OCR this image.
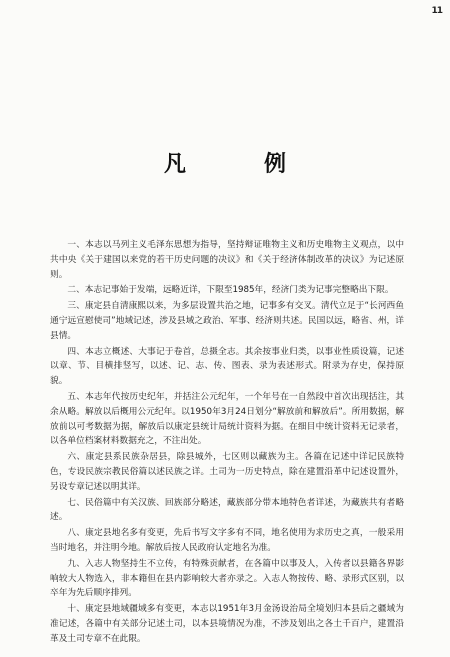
11
凡　例

一、本志以马列主义毛泽东思想为指导，坚持辩证唯物主义和历史唯物主义观点，以中共中央《关于建国以来党的若干历史问题的决议》和《关于经济体制改革的决议》为记述原则。

二、本志记事始于发端，远略近详，下限至1985年，经济门类为记事完整略出下限。

三、康定县自清康熙以来，为多层设置共治之地，记事多有交叉。清代立足于“长河西鱼通宁远宣慰使司”地域记述，涉及县域之政治、军事、经济则共述。民国以远，略省、州，详县情。

四、本志立概述、大事记于卷首，总摄全志。其余按事业归类，以事业性质设篇，记述以章、节、目横排竖写，以述、记、志、传、图表、录为表述形式。附录为存史，保持原貌。

五、本志年代按历史纪年，并括注公元纪年，一个年号在一自然段中首次出现括注，其余从略。解放以后概用公元纪年。以1950年3月24日划分“解放前和解放后”。所用数据，解放前以可考数据为据，解放后以康定县统计局统计资料为据。在细目中统计资料无记录者，以各单位档案材料数据充之，不注出处。

六、康定县系民族杂居县，除县城外，七区则以藏族为主。各篇在记述中详记民族特色，专设民族宗教民俗篇以述民族之详。土司为一历史特点，除在建置沿革中记述设置外，另设专章记述以明其详。

七、民俗篇中有关汉族、回族部分略述，藏族部分带本地特色者详述，为藏族共有者略述。

八、康定县地名多有变更，先后书写文字多有不同，地名使用为求历史之真，一般采用当时地名，并注明今地。解放后按人民政府认定地名为准。

九、入志人物坚持生不立传，有特殊贡献者，在各篇中以事及人，入传者以县籍各界影响较大人物选入，非本籍但在县内影响较大者亦录之。入志人物按传、略、录形式区别，以卒年为先后顺序排列。

十、康定县地域疆域多有变更，本志以1951年3月金汤设治局全境划归本县后之疆域为准记述，各篇中有关部分记述土司，以本县境情况为准，不涉及划出之各土千百户，建置沿革及土司专章不在此限。
